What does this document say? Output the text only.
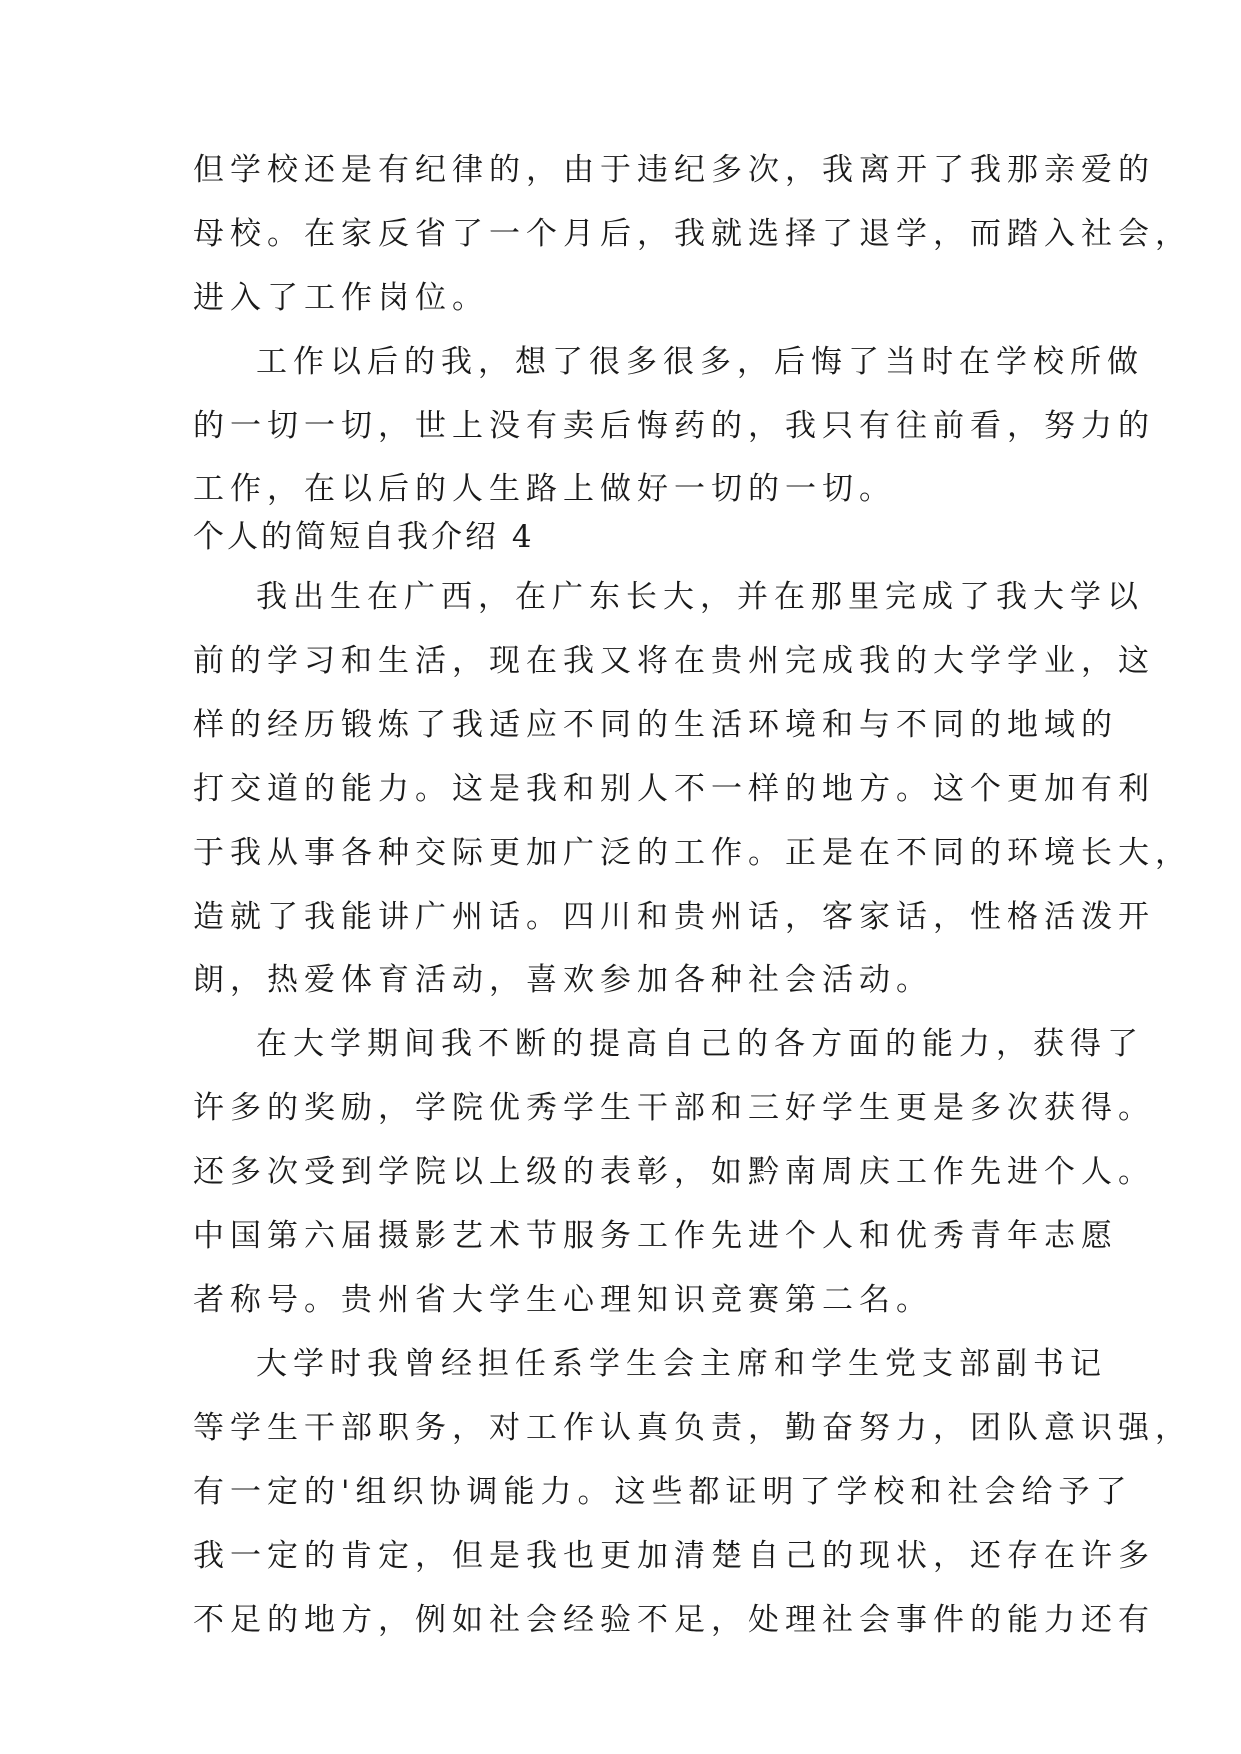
但学校还是有纪律的，由于违纪多次，我离开了我那亲爱的
母校。在家反省了一个月后，我就选择了退学，而踏入社会，
进入了工作岗位。
工作以后的我，想了很多很多，后悔了当时在学校所做
的一切一切，世上没有卖后悔药的，我只有往前看，努力的
工作，在以后的人生路上做好一切的一切。
个人的简短自我介绍 4
我出生在广西，在广东长大，并在那里完成了我大学以
前的学习和生活，现在我又将在贵州完成我的大学学业，这
样的经历锻炼了我适应不同的生活环境和与不同的地域的
打交道的能力。这是我和别人不一样的地方。这个更加有利
于我从事各种交际更加广泛的工作。正是在不同的环境长大，
造就了我能讲广州话。四川和贵州话，客家话，性格活泼开
朗，热爱体育活动，喜欢参加各种社会活动。
在大学期间我不断的提高自己的各方面的能力，获得了
许多的奖励，学院优秀学生干部和三好学生更是多次获得。
还多次受到学院以上级的表彰，如黔南周庆工作先进个人。
中国第六届摄影艺术节服务工作先进个人和优秀青年志愿
者称号。贵州省大学生心理知识竞赛第二名。
大学时我曾经担任系学生会主席和学生党支部副书记
等学生干部职务，对工作认真负责，勤奋努力，团队意识强，
有一定的'组织协调能力。这些都证明了学校和社会给予了
我一定的肯定，但是我也更加清楚自己的现状，还存在许多
不足的地方，例如社会经验不足，处理社会事件的能力还有
